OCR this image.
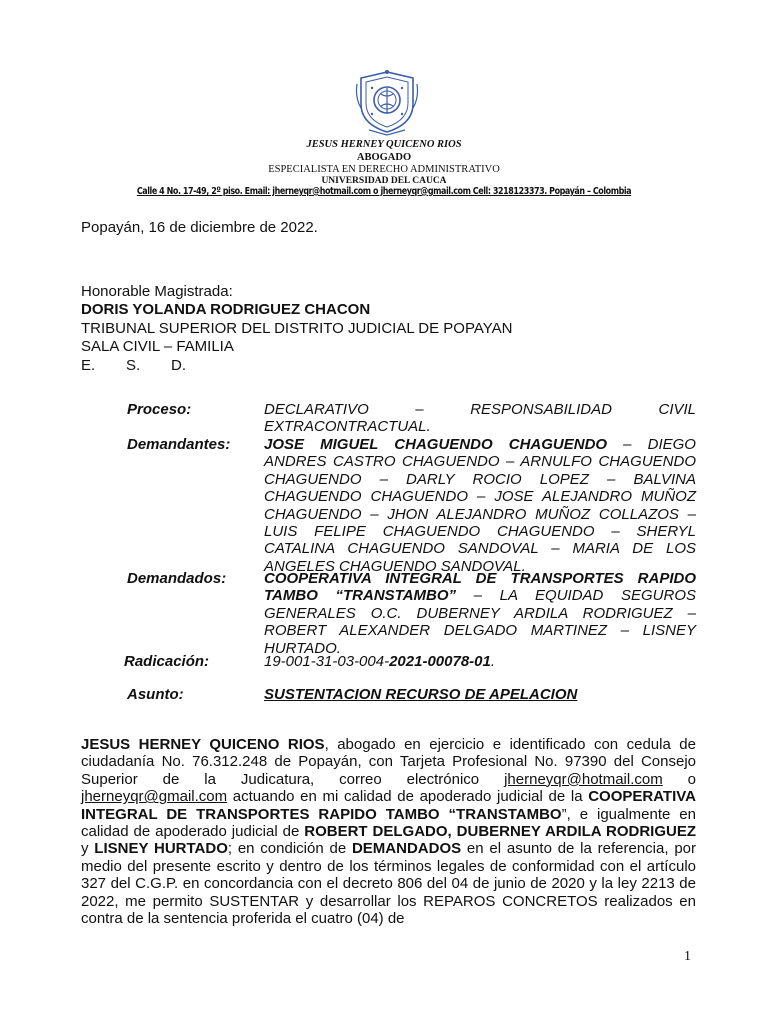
JESUS HERNEY QUICENO RIOS
ABOGADO
ESPECIALISTA EN DERECHO ADMINISTRATIVO
UNIVERSIDAD DEL CAUCA
Calle 4 No. 17-49, 2º piso. Email: jherneyqr@hotmail.com o jherneyqr@gmail.com Cell: 3218123373. Popayán – Colombia
Popayán, 16 de diciembre de 2022.
Honorable Magistrada:
DORIS YOLANDA RODRIGUEZ CHACON
TRIBUNAL SUPERIOR DEL DISTRITO JUDICIAL DE POPAYAN
SALA CIVIL – FAMILIA
E. S. D.
Proceso:	DECLARATIVO – RESPONSABILIDAD CIVIL EXTRACONTRACTUAL.
Demandantes: JOSE MIGUEL CHAGUENDO CHAGUENDO – DIEGO ANDRES CASTRO CHAGUENDO – ARNULFO CHAGUENDO CHAGUENDO – DARLY ROCIO LOPEZ – BALVINA CHAGUENDO CHAGUENDO – JOSE ALEJANDRO MUÑOZ CHAGUENDO – JHON ALEJANDRO MUÑOZ COLLAZOS – LUIS FELIPE CHAGUENDO CHAGUENDO – SHERYL CATALINA CHAGUENDO SANDOVAL – MARIA DE LOS ANGELES CHAGUENDO SANDOVAL.
Demandados:	COOPERATIVA INTEGRAL DE TRANSPORTES RAPIDO TAMBO “TRANSTAMBO” – LA EQUIDAD SEGUROS GENERALES O.C. DUBERNEY ARDILA RODRIGUEZ – ROBERT ALEXANDER DELGADO MARTINEZ – LISNEY HURTADO.
Radicación:	19-001-31-03-004-2021-00078-01.
Asunto:	SUSTENTACION RECURSO DE APELACION
JESUS HERNEY QUICENO RIOS, abogado en ejercicio e identificado con cedula de ciudadanía No. 76.312.248 de Popayán, con Tarjeta Profesional No. 97390 del Consejo Superior de la Judicatura, correo electrónico jherneyqr@hotmail.com o jherneyqr@gmail.com actuando en mi calidad de apoderado judicial de la COOPERATIVA INTEGRAL DE TRANSPORTES RAPIDO TAMBO “TRANSTAMBO”, e igualmente en calidad de apoderado judicial de ROBERT DELGADO, DUBERNEY ARDILA RODRIGUEZ y LISNEY HURTADO; en condición de DEMANDADOS en el asunto de la referencia, por medio del presente escrito y dentro de los términos legales de conformidad con el artículo 327 del C.G.P. en concordancia con el decreto 806 del 04 de junio de 2020 y la ley 2213 de 2022, me permito SUSTENTAR y desarrollar los REPAROS CONCRETOS realizados en contra de la sentencia proferida el cuatro (04) de
1
